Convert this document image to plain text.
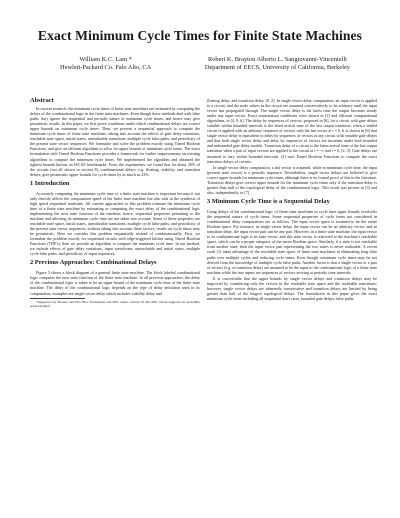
Exact Minimum Cycle Times for Finite State Machines
William K.C. Lam *
Hewlett-Packard Co. Palo Alto, CA
Robert K. Brayton Alberto L. Sangiovanni-Vincentelli
Department of EECS, University of California, Berkeley
Abstract

In current research, the minimum cycle times of finite state machines are estimated by computing the delays of the combinational logic in the finite state machines. Even though these methods deal with false paths, they ignore the sequential and periodic nature of minimum cycle times, and hence may give pessimistic results. In this paper, we first prove conditions under which combinational delays are correct upper bounds on minimum cycle times. Then, we present a sequential approach to compute the minimum cycle times of finite state machines, taking into account the effects of gate delay variations, reachable state space, initial states, unrealizable transitions, multiple cycle false paths, and periodicity of the present state vector sequences. We formulate and solve the problem exactly using Timed Boolean Functions, and give an efficient algorithm to solve for upper bounds of minimum cycle times. The exact formulation with Timed Boolean Functions provides a framework for further improvements on existing algorithms to compute the minimum cycle times. We implemented the algorithm and obtained the tightest bounds known on ISCAS benchmarks. From the experiments, we found that for about 20% of the circuits (not all shown in section 8), combinational delays, e.g. floating, viability, and transition delays, give pessimistic upper bounds for cycle times by as much as 23%.

1 Introduction

Accurately computing the minimum cycle time of a finite state machine is important because it not only directly affects the computation speed of the finite state machine but also aids in the synthesis of high speed sequential machines. All current approaches to this problem estimate the minimum cycle time of a finite state machine by estimating or computing the exact delay of the combinational logic implementing the next state function of the machine; hence, sequential properties pertaining to the machine and affecting its minimum cycle time are not taken into account. Some of these properties are reachable state space, initial states, unrealizable transitions, multiple cycle false paths, and periodicity of the present state vector sequences, without taking into account these factors, results on cycle times may be pessimistic. Here we consider this problem sequentially instead of combinationally. First, we formulate the problem exactly for sequential circuits with edge-triggered latches using Timed Boolean Functions (TBF's); then we provide an algorithm to compute the minimum cycle time. In our method, we include effects of gate delay variations, input waveforms, unreachable and initial states, multiple cycle false paths, and periodicity of input sequences.

2 Previous Approaches: Combinational Delays

Figure 3 shows a block diagram of a general finite state machine. The block labeled combinational logic computes the next state function of the finite state machine. In all previous approaches, the delay of the combinational logic is taken to be an upper bound of the minimum cycle time of the finite state machine. The delay of the combinational logic depends on the type of delay definition used in its computation; examples are single vector delay which includes viability delay and

*Supported by Pioneer and Elio Bros Foundation and SRC under contract 91-DC-008, whose supports are gratefully acknowledged.

floating delay, and transition delay, [8, 2]. In single vector delay computation, an input vector is applied to a circuit, and the node values in the circuit are assumed conservatively to be arbitrary until the input vector has propagated through. The single vector delay is the latest time the output becomes steady under any input vector. Exact sensitization conditions were shown in [2] and efficient computational algorithms, in [4, 9, 6]. The delay by sequences of vectors, proposed in [6], for a circuit with gate delays variable within bounded intervals is the latest arrival time of the last output transition, when a settled circuit is applied with an arbitrary sequence of vectors with the last vector at t = 0. It is shown in [6] that single vector delay is equivalent to delay by sequences of vectors in any circuit with variable gate delays and that both single vector delay and delay by sequences of vectors are invariant under both bounded and unbounded gate delay models. Transition delay of a circuit is the latest arrival time of the last output transition when a pair of input vectors are applied to the circuit at t = -∞ and t = 0, [2, 3]. Gate delays are assumed to vary within bounded intervals. [4] uses Timed Boolean Functions to compute the exact transition delays of circuits.

In single vector delay computation, a last vector is assumed, while in minimum cycle time, the input (present state vector) is a periodic sequence. Nevertheless, single vector delays are believed to give correct upper bounds for minimum cycle times, although there is no formal proof of this in the literature. Transition delays give correct upper bounds for the minimum cycle times only if the transition delay is greater than half of the topological delay of the combinational logic. This result was proven in [3] and also, independently, in [7].

3 Minimum Cycle Time is a Sequential Delay

Using delays of the combinational logic of finite state machines as cycle time upper bounds overlooks the sequential nature of cycle times. Some sequential properties of cycle times not considered in combinational delay computations are as follows. The input vector space is assumed to be the entire Boolean space. For instance, in single vector delay, the input vector can be an arbitrary vector, and in transition delay, the input vector pair can be any pair. However, in a finite state machine, the input vector to its combinational logic is its state vector, and this state vector is restricted to the machine's reachable space, which can be a proper subspace of the entire Boolean space. Similarly, if a state is not reachable from another state, then the input vector pair representing the two states is never realizable. A recent work [1] takes advantage of the reachable state space of finite state machines in eliminating long false paths over multiple cycles and reducing cycle times. Even though, minimum cycle times may be not derived from the knowledge of multiple cycle false paths. Another factor is that a single vector or a pair of vectors (e.g. in transition delay) are assumed to be the input to the combinational logic of a finite state machine while the true inputs are sequences of vectors arriving at periodic time intervals.

It is conceivable that the upper bounds by single vector delays and transition delays may be improved by considering only the vectors in the reachable state space and the realizable transitions; however, single vector delays are inherently conservative and transition delays are limited by being greater than half of the longest topological delays. The formulation in this paper gives the exact minimum cycle times including all sequential don't cares, bounded gate delays, false paths,
